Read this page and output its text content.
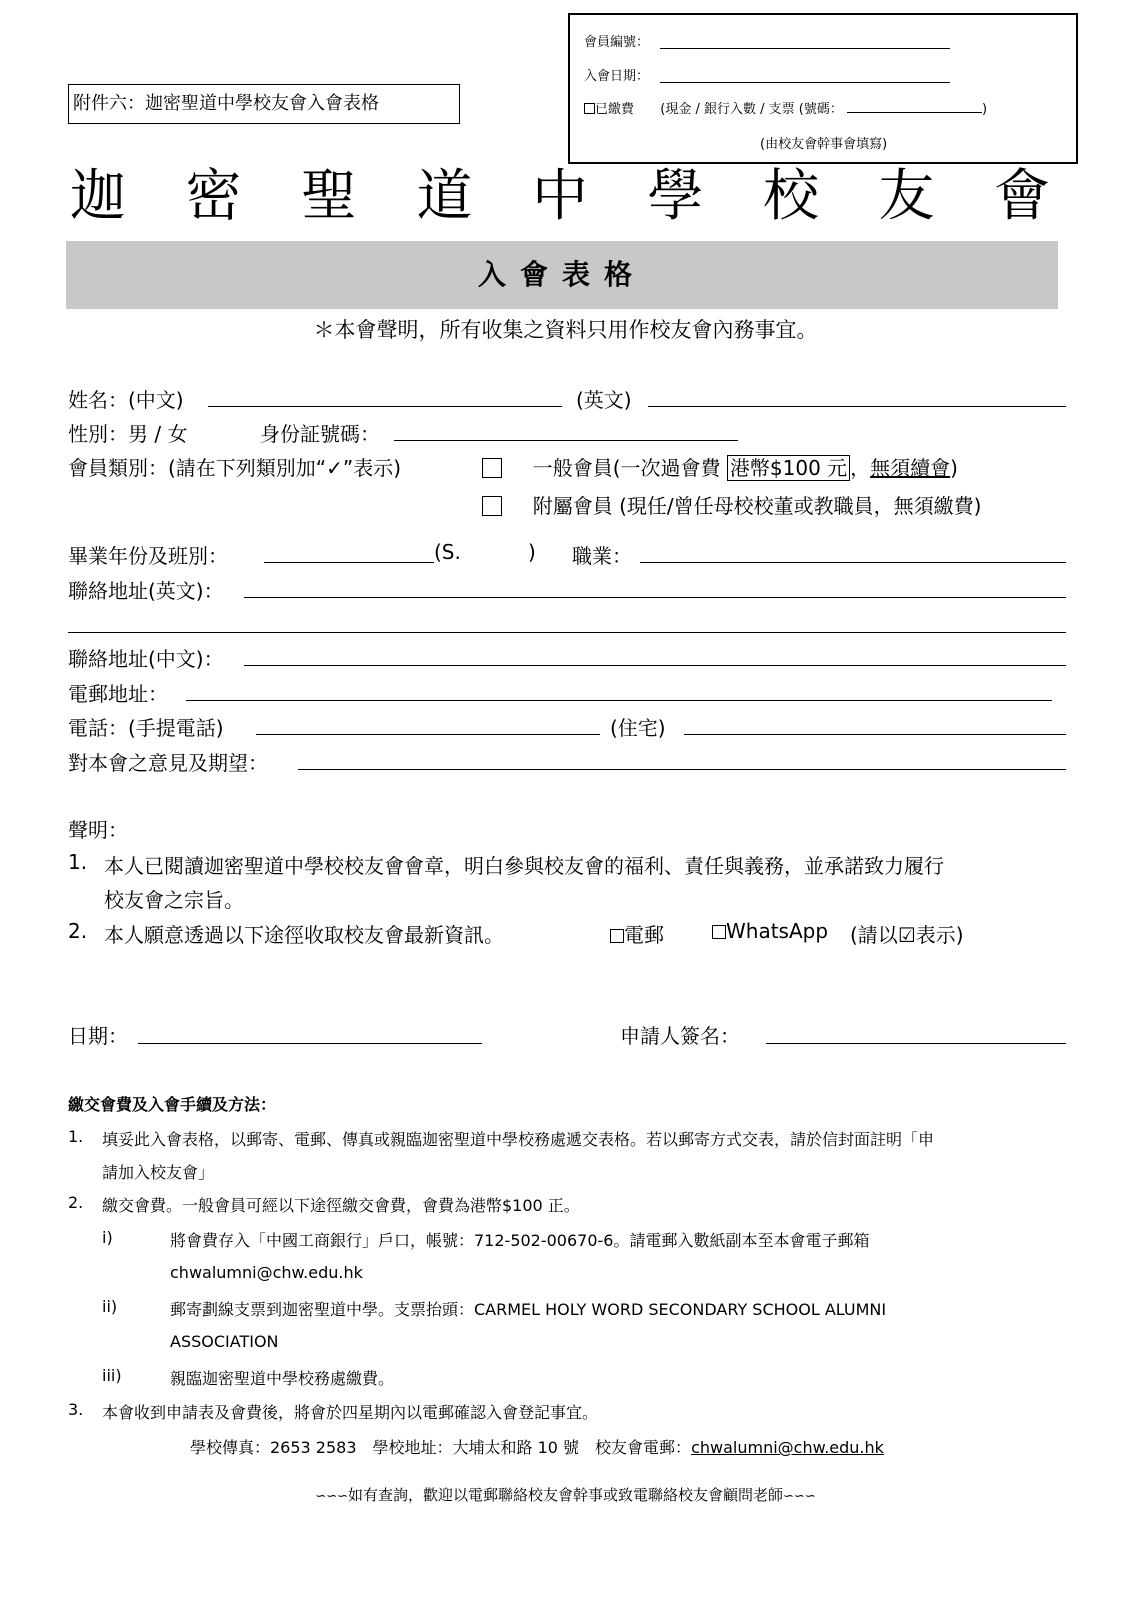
會員編號：
入會日期：
已繳費 (現金 / 銀行入數 / 支票 (號碼：	)
(由校友會幹事會填寫)
附件六：迦密聖道中學校友會入會表格
迦 密 聖 道 中 學 校 友 會
入會表格
＊本會聲明，所有收集之資料只用作校友會內務事宜。
姓名：(中文)	(英文)
性別：男 / 女	身份証號碼：
會員類別：(請在下列類別加“✓”表示)	一般會員(一次過會費 港幣$100 元 ，無須續會)
附屬會員 (現任/曾任母校校董或教職員，無須繳費)
畢業年份及班別：	(S.	) 職業：
聯絡地址(英文)：
聯絡地址(中文)：
電郵地址：
電話：(手提電話)	(住宅)
對本會之意見及期望：
聲明：
1. 本人已閱讀迦密聖道中學校校友會會章，明白參與校友會的福利、責任與義務，並承諾致力履行
校友會之宗旨。
2. 本人願意透過以下途徑收取校友會最新資訊。	電郵	WhatsApp (請以☑表示)
日期：	申請人簽名：
繳交會費及入會手續及方法：
1. 填妥此入會表格，以郵寄、電郵、傳真或親臨迦密聖道中學校務處遞交表格。若以郵寄方式交表，請於信封面註明「申
請加入校友會」
2. 繳交會費。一般會員可經以下途徑繳交會費，會費為港幣$100 正。
i)	將會費存入「中國工商銀行」戶口，帳號：712-502-00670-6。請電郵入數紙副本至本會電子郵箱
chwalumni@chw.edu.hk
ii)	郵寄劃線支票到迦密聖道中學。支票抬頭：CARMEL HOLY WORD SECONDARY SCHOOL ALUMNI
ASSOCIATION
iii)	親臨迦密聖道中學校務處繳費。
3. 本會收到申請表及會費後，將會於四星期內以電郵確認入會登記事宜。
學校傳真：2653 2583　學校地址：大埔太和路 10 號　校友會電郵：chwalumni@chw.edu.hk
∽∽∽如有查詢，歡迎以電郵聯絡校友會幹事或致電聯絡校友會顧問老師∽∽∽
